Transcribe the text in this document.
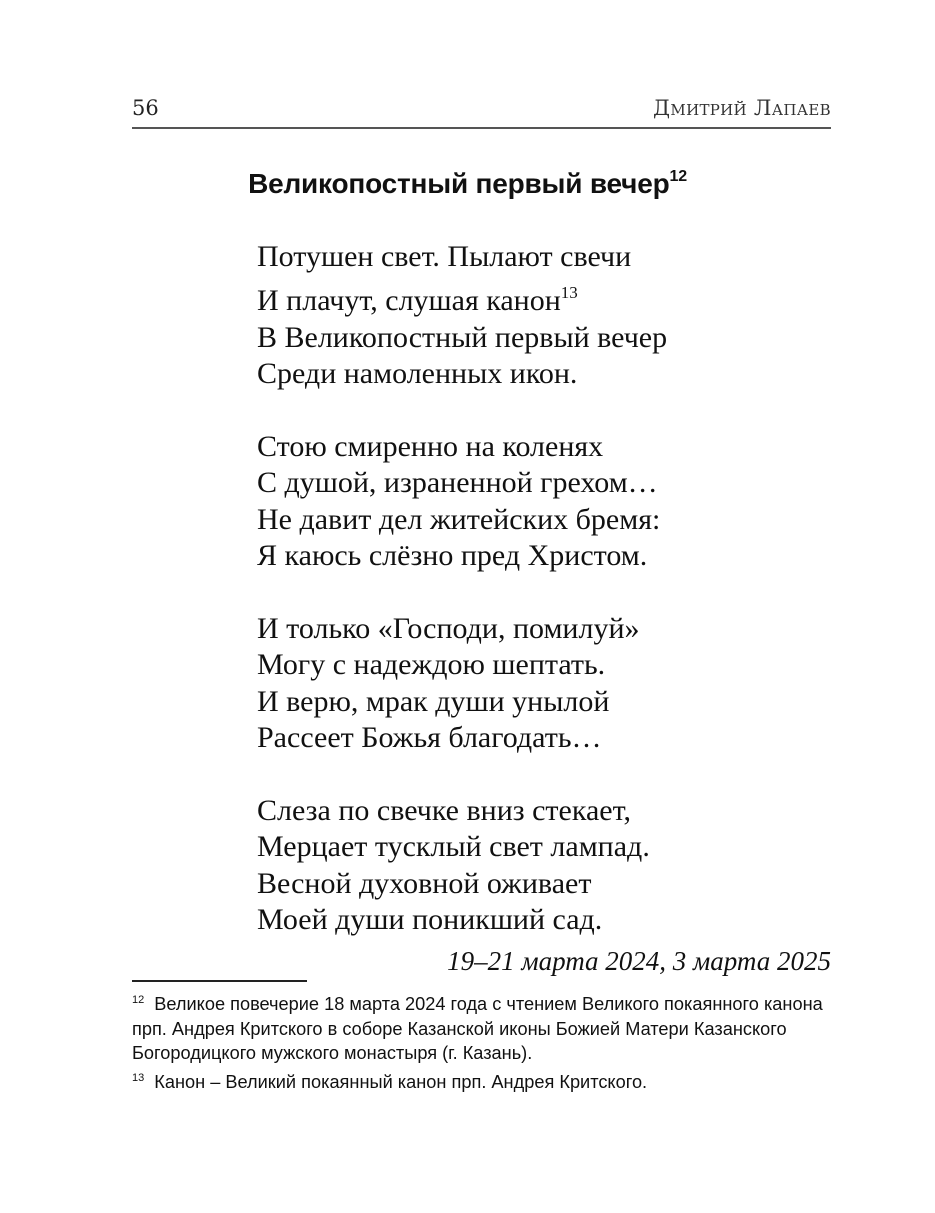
56	Дмитрий Лапаев
Великопостный первый вечер$^{12}$
Потушен свет. Пылают свечи
И плачут, слушая канон$^{13}$
В Великопостный первый вечер
Среди намоленных икон.
Стою смиренно на коленях
С душой, израненной грехом…
Не давит дел житейских бремя:
Я каюсь слёзно пред Христом.
И только «Господи, помилуй»
Могу с надеждою шептать.
И верю, мрак души унылой
Рассеет Божья благодать…
Слеза по свечке вниз стекает,
Мерцает тусклый свет лампад.
Весной духовной оживает
Моей души поникший сад.
19–21 марта 2024, 3 марта 2025
$^{12}$ Великое повечерие 18 марта 2024 года с чтением Великого покаянного канона прп. Андрея Критского в соборе Казанской иконы Божией Матери Казанского Богородицкого мужского монастыря (г. Казань).
$^{13}$ Канон – Великий покаянный канон прп. Андрея Критского.
